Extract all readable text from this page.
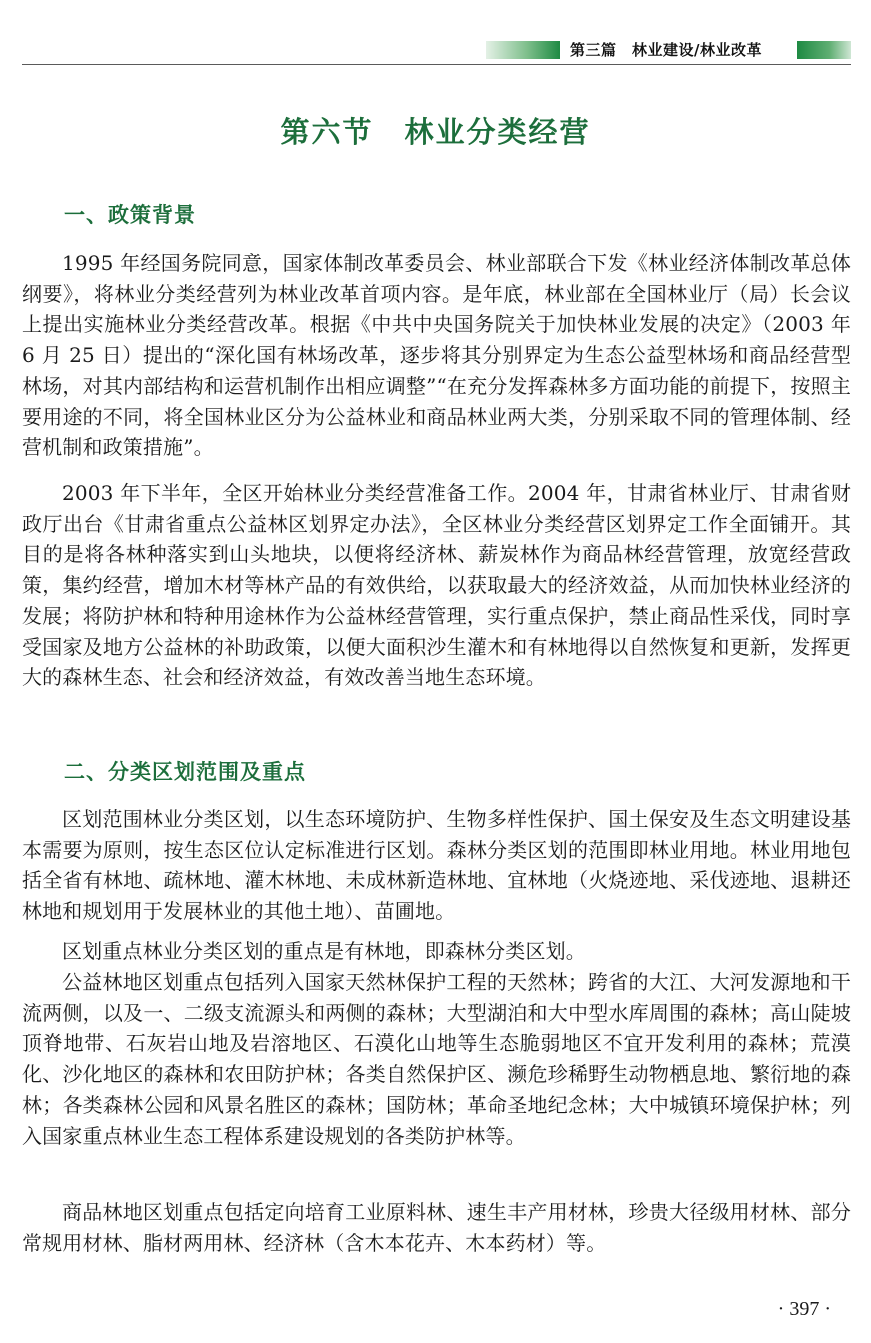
第三篇　林业建设/林业改革
第六节　林业分类经营
一、政策背景

1995 年经国务院同意，国家体制改革委员会、林业部联合下发《林业经济体制改革总体纲要》，将林业分类经营列为林业改革首项内容。是年底，林业部在全国林业厅（局）长会议上提出实施林业分类经营改革。根据《中共中央国务院关于加快林业发展的决定》（2003 年 6 月 25 日）提出的“深化国有林场改革，逐步将其分别界定为生态公益型林场和商品经营型林场，对其内部结构和运营机制作出相应调整”“在充分发挥森林多方面功能的前提下，按照主要用途的不同，将全国林业区分为公益林业和商品林业两大类，分别采取不同的管理体制、经营机制和政策措施”。

2003 年下半年，全区开始林业分类经营准备工作。2004 年，甘肃省林业厅、甘肃省财政厅出台《甘肃省重点公益林区划界定办法》，全区林业分类经营区划界定工作全面铺开。其目的是将各林种落实到山头地块，以便将经济林、薪炭林作为商品林经营管理，放宽经营政策，集约经营，增加木材等林产品的有效供给，以获取最大的经济效益，从而加快林业经济的发展；将防护林和特种用途林作为公益林经营管理，实行重点保护，禁止商品性采伐，同时享受国家及地方公益林的补助政策，以便大面积沙生灌木和有林地得以自然恢复和更新，发挥更大的森林生态、社会和经济效益，有效改善当地生态环境。

二、分类区划范围及重点

区划范围林业分类区划，以生态环境防护、生物多样性保护、国土保安及生态文明建设基本需要为原则，按生态区位认定标准进行区划。森林分类区划的范围即林业用地。林业用地包括全省有林地、疏林地、灌木林地、未成林新造林地、宜林地（火烧迹地、采伐迹地、退耕还林地和规划用于发展林业的其他土地）、苗圃地。

区划重点林业分类区划的重点是有林地，即森林分类区划。

公益林地区划重点包括列入国家天然林保护工程的天然林；跨省的大江、大河发源地和干流两侧，以及一、二级支流源头和两侧的森林；大型湖泊和大中型水库周围的森林；高山陡坡顶脊地带、石灰岩山地及岩溶地区、石漠化山地等生态脆弱地区不宜开发利用的森林；荒漠化、沙化地区的森林和农田防护林；各类自然保护区、濒危珍稀野生动物栖息地、繁衍地的森林；各类森林公园和风景名胜区的森林；国防林；革命圣地纪念林；大中城镇环境保护林；列入国家重点林业生态工程体系建设规划的各类防护林等。

商品林地区划重点包括定向培育工业原料林、速生丰产用材林，珍贵大径级用材林、部分常规用材林、脂材两用林、经济林（含木本花卉、木本药材）等。

· 397 ·
